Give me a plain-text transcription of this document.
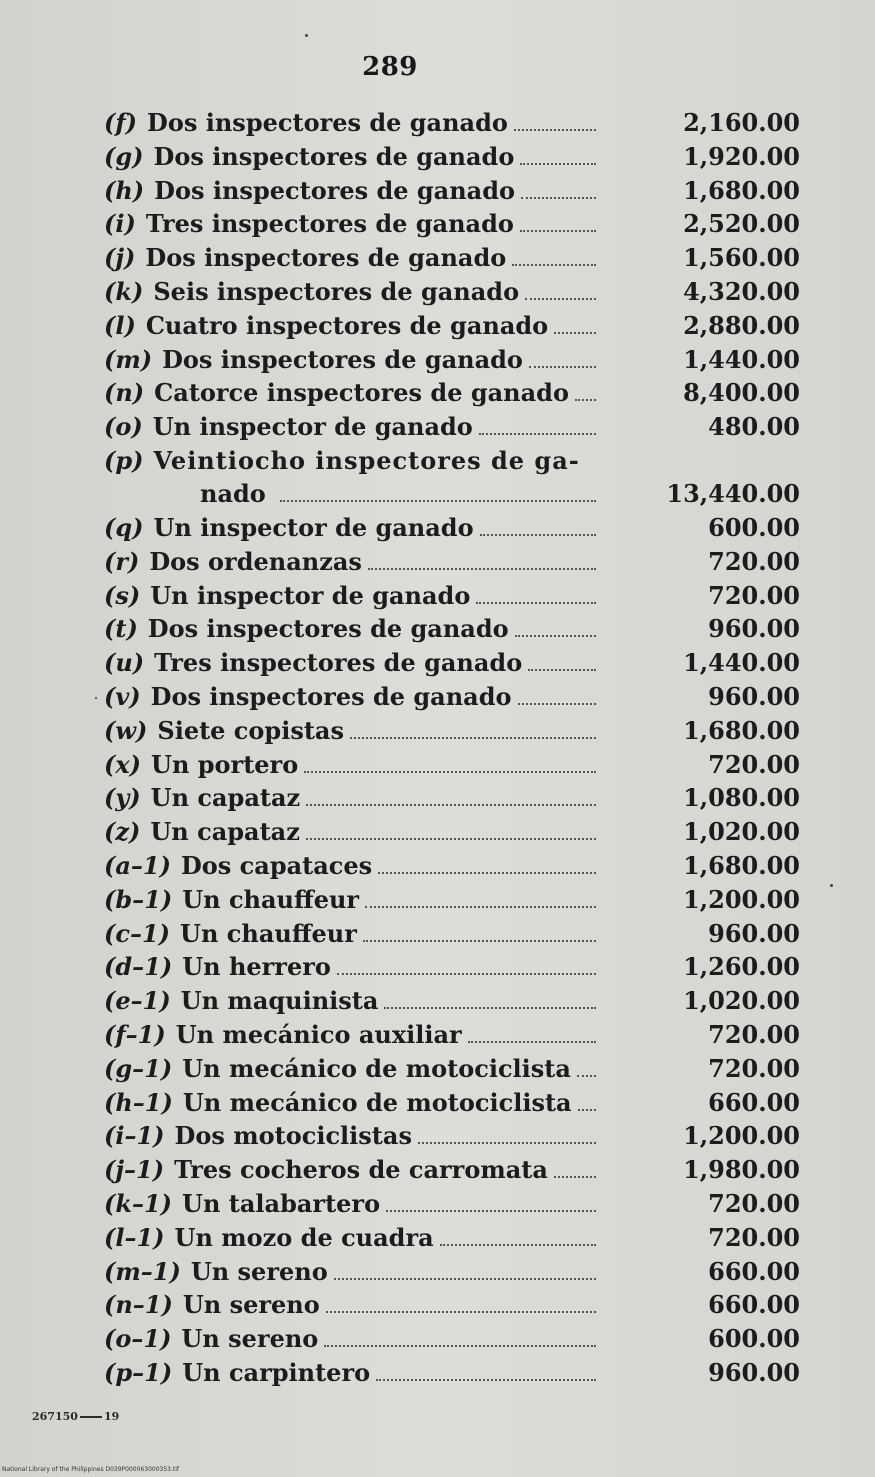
289
(f) Dos inspectores de ganado	2,160.00
(g) Dos inspectores de ganado	1,920.00
(h) Dos inspectores de ganado	1,680.00
(i) Tres inspectores de ganado	2,520.00
(j) Dos inspectores de ganado	1,560.00
(k) Seis inspectores de ganado	4,320.00
(l) Cuatro inspectores de ganado	2,880.00
(m) Dos inspectores de ganado	1,440.00
(n) Catorce inspectores de ganado	8,400.00
(o) Un inspector de ganado	480.00
(p) Veintiocho inspectores de ga-
nado	13,440.00
(q) Un inspector de ganado	600.00
(r) Dos ordenanzas	720.00
(s) Un inspector de ganado	720.00
(t) Dos inspectores de ganado	960.00
(u) Tres inspectores de ganado	1,440.00
(v) Dos inspectores de ganado	960.00
(w) Siete copistas	1,680.00
(x) Un portero	720.00
(y) Un capataz	1,080.00
(z) Un capataz	1,020.00
(a–1) Dos capataces	1,680.00
(b–1) Un chauffeur	1,200.00
(c–1) Un chauffeur	960.00
(d–1) Un herrero	1,260.00
(e–1) Un maquinista	1,020.00
(f–1) Un mecánico auxiliar	720.00
(g–1) Un mecánico de motociclista	720.00
(h–1) Un mecánico de motociclista	660.00
(i–1) Dos motociclistas	1,200.00
(j–1) Tres cocheros de carromata	1,980.00
(k–1) Un talabartero	720.00
(l–1) Un mozo de cuadra	720.00
(m–1) Un sereno	660.00
(n–1) Un sereno	660.00
(o–1) Un sereno	600.00
(p–1) Un carpintero	960.00
267150 19
National Library of the Philippines D039P000063000353.tif
